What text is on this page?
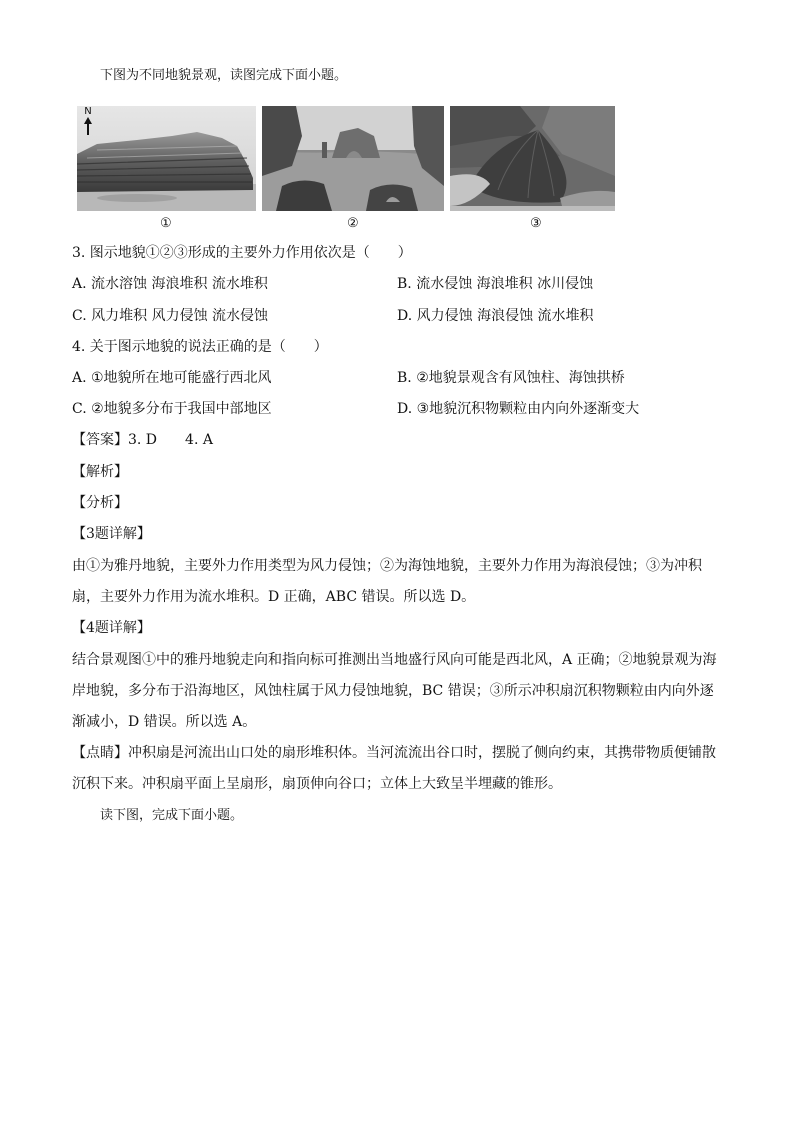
下图为不同地貌景观，读图完成下面小题。
N
①	②	③
3. 图示地貌①②③形成的主要外力作用依次是（　　）
A. 流水溶蚀 海浪堆积 流水堆积	B. 流水侵蚀 海浪堆积 冰川侵蚀
C. 风力堆积 风力侵蚀 流水侵蚀	D. 风力侵蚀 海浪侵蚀 流水堆积
4. 关于图示地貌的说法正确的是（　　）
A. ①地貌所在地可能盛行西北风	B. ②地貌景观含有风蚀柱、海蚀拱桥
C. ②地貌多分布于我国中部地区	D. ③地貌沉积物颗粒由内向外逐渐变大
【答案】3. D　　4. A
【解析】
【分析】
【3题详解】
由①为雅丹地貌，主要外力作用类型为风力侵蚀；②为海蚀地貌，主要外力作用为海浪侵蚀；③为冲积
扇，主要外力作用为流水堆积。D 正确，ABC 错误。所以选 D。
【4题详解】
结合景观图①中的雅丹地貌走向和指向标可推测出当地盛行风向可能是西北风，A 正确；②地貌景观为海
岸地貌，多分布于沿海地区，风蚀柱属于风力侵蚀地貌，BC 错误；③所示冲积扇沉积物颗粒由内向外逐
渐减小，D 错误。所以选 A。
【点睛】冲积扇是河流出山口处的扇形堆积体。当河流流出谷口时，摆脱了侧向约束，其携带物质便铺散
沉积下来。冲积扇平面上呈扇形，扇顶伸向谷口；立体上大致呈半埋藏的锥形。
读下图，完成下面小题。
